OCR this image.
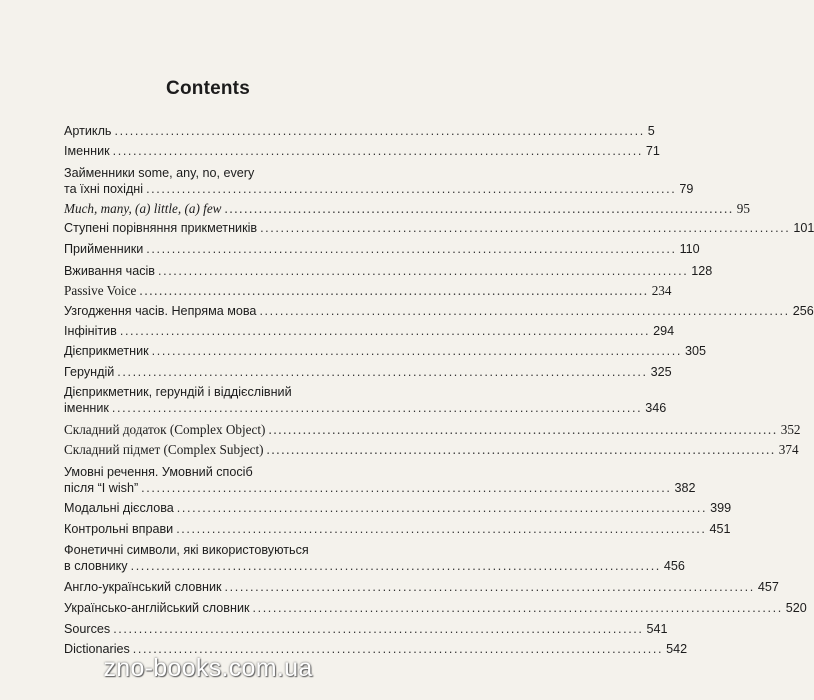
Contents
Артикль ........................................................................................................ 5
Іменник ........................................................................................................ 71
Займенники some, any, no, every
та їхні похідні ........................................................................................................ 79
Much, many, (a) little, (a) few ........................................................................................................ 95
Ступені порівняння прикметників ........................................................................................................ 101
Прийменники ........................................................................................................ 110
Вживання часів ........................................................................................................ 128
Passive Voice ........................................................................................................ 234
Узгодження часів. Непряма мова ........................................................................................................ 256
Інфінітив ........................................................................................................ 294
Дієприкметник ........................................................................................................ 305
Герундій ........................................................................................................ 325
Дієприкметник, герундій і віддієслівний
іменник ........................................................................................................ 346
Складний додаток (Complex Object) ........................................................................................................ 352
Складний підмет (Complex Subject) ........................................................................................................ 374
Умовні речення. Умовний спосіб
після “I wish” ........................................................................................................ 382
Модальні дієслова ........................................................................................................ 399
Контрольні вправи ........................................................................................................ 451
Фонетичні символи, які використовуються
в словнику ........................................................................................................ 456
Англо-український словник ........................................................................................................ 457
Українсько-англійський словник ........................................................................................................ 520
Sources ........................................................................................................ 541
Dictionaries ........................................................................................................ 542
zno-books.com.ua
